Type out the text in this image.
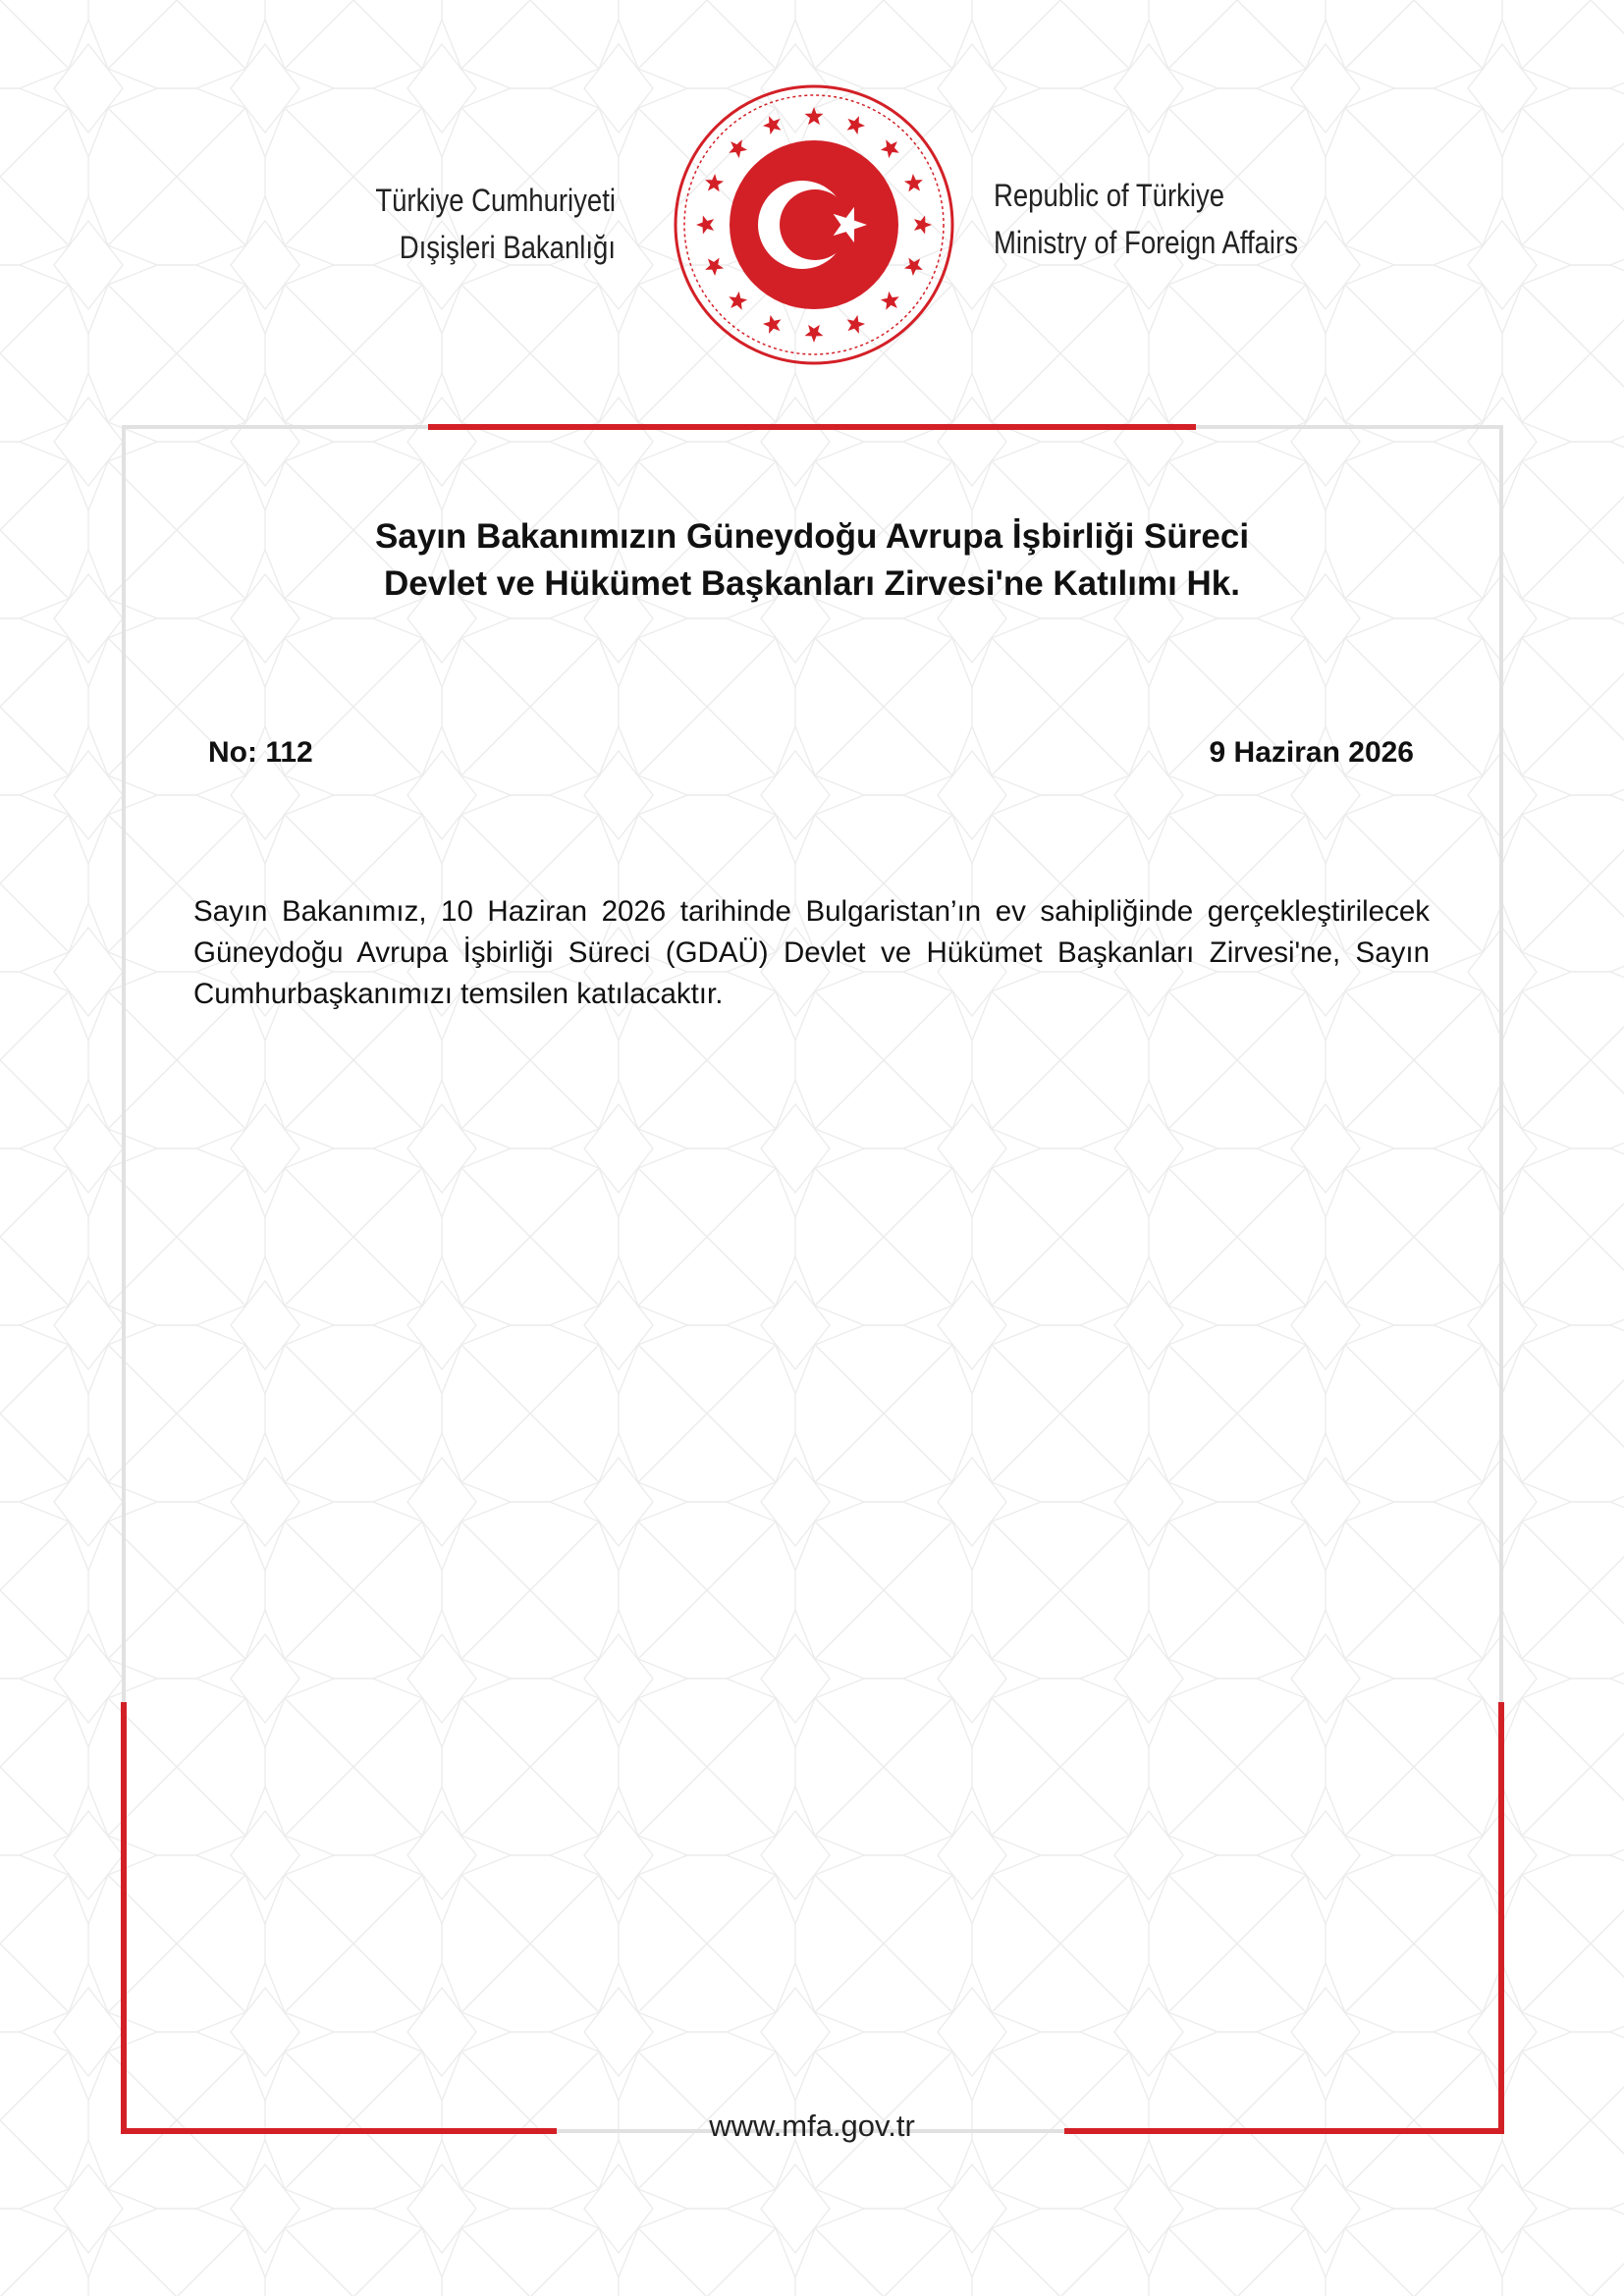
Türkiye Cumhuriyeti
Dışişleri Bakanlığı
Republic of Türkiye
Ministry of Foreign Affairs
Sayın Bakanımızın Güneydoğu Avrupa İşbirliği Süreci
Devlet ve Hükümet Başkanları Zirvesi'ne Katılımı Hk.
No: 112	9 Haziran 2026
Sayın Bakanımız, 10 Haziran 2026 tarihinde Bulgaristan’ın ev sahipliğinde gerçekleştirilecek Güneydoğu Avrupa İşbirliği Süreci (GDAÜ) Devlet ve Hükümet Başkanları Zirvesi'ne, Sayın Cumhurbaşkanımızı temsilen katılacaktır.
www.mfa.gov.tr
